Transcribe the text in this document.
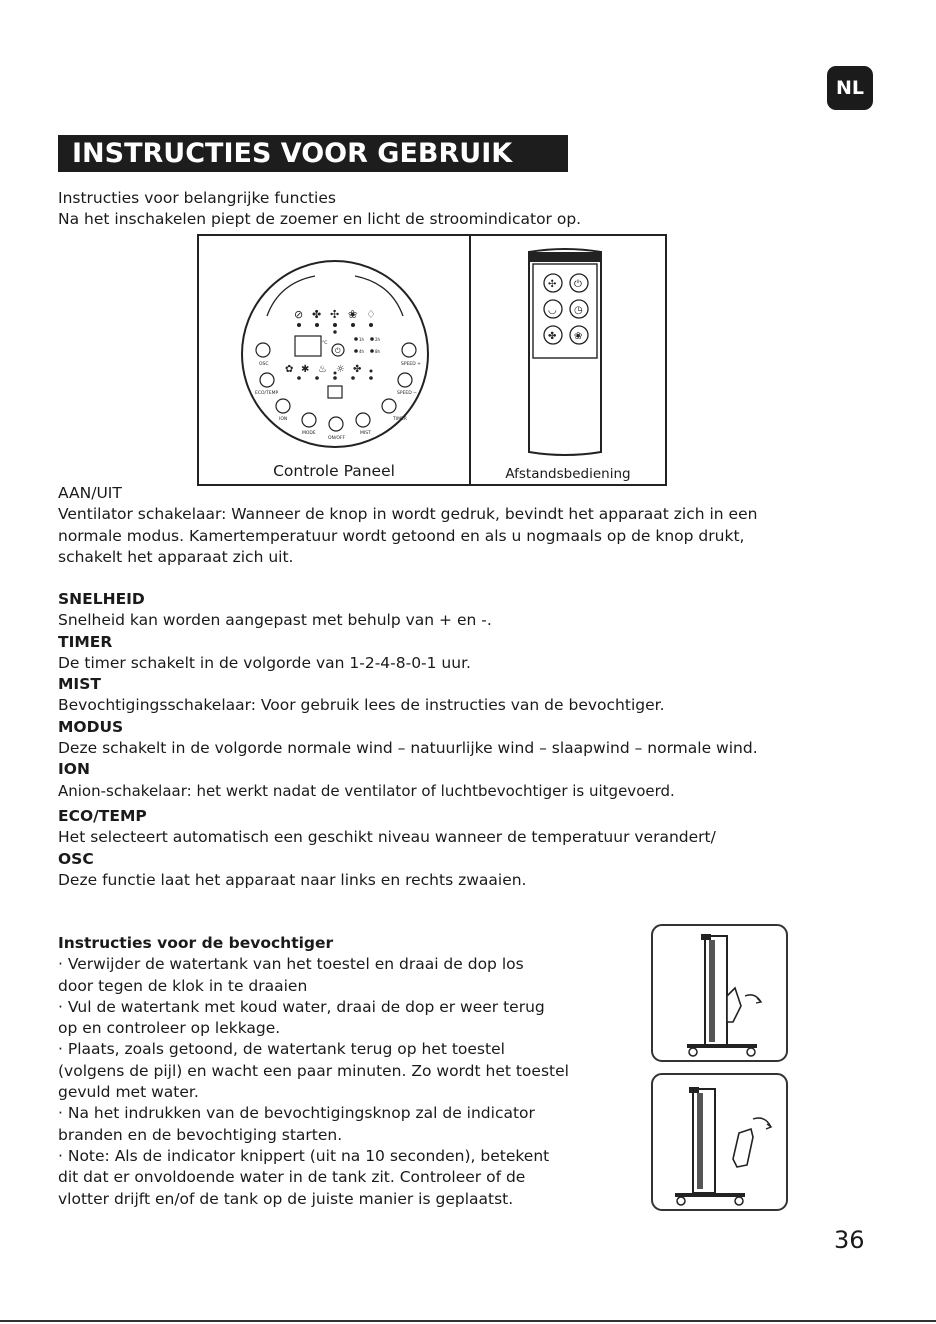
NL
INSTRUCTIES VOOR GEBRUIK

Instructies voor belangrijke functies

Na het inschakelen piept de zoemer en licht de stroomindicator op.

⊘ ✤ ✣ ❀ ♢
°C
⏻
1h	2h
4h	8h
OSC	SPEED +
✿ ✱ ♨ ☼ ✤
ECO/TEMP	SPEED −
ION	TIMER
MODE	MIST
ON/OFF
✣ ⏻
◡ ◷
✤ ❀
Controle Paneel	Afstandsbediening

AAN/UIT

Ventilator schakelaar: Wanneer de knop in wordt gedruk, bevindt het apparaat zich in een

normale modus. Kamertemperatuur wordt getoond en als u nogmaals op de knop drukt,

schakelt het apparaat zich uit.

SNELHEID

Snelheid kan worden aangepast met behulp van + en -.

TIMER

De timer schakelt in de volgorde van 1-2-4-8-0-1 uur.

MIST

Bevochtigingsschakelaar: Voor gebruik lees de instructies van de bevochtiger.

MODUS

Deze schakelt in de volgorde normale wind – natuurlijke wind – slaapwind – normale wind.

ION

Anion-schakelaar: het werkt nadat de ventilator of luchtbevochtiger is uitgevoerd.

ECO/TEMP

Het selecteert automatisch een geschikt niveau wanneer de temperatuur verandert/

OSC

Deze functie laat het apparaat naar links en rechts zwaaien.

Instructies voor de bevochtiger

· Verwijder de watertank van het toestel en draai de dop los

door tegen de klok in te draaien

· Vul de watertank met koud water, draai de dop er weer terug

op en controleer op lekkage.

· Plaats, zoals getoond, de watertank terug op het toestel

(volgens de pijl) en wacht een paar minuten. Zo wordt het toestel

gevuld met water.

· Na het indrukken van de bevochtigingsknop zal de indicator

branden en de bevochtiging starten.

· Note: Als de indicator knippert (uit na 10 seconden), betekent

dit dat er onvoldoende water in de tank zit. Controleer of de

vlotter drijft en/of de tank op de juiste manier is geplaatst.

36
